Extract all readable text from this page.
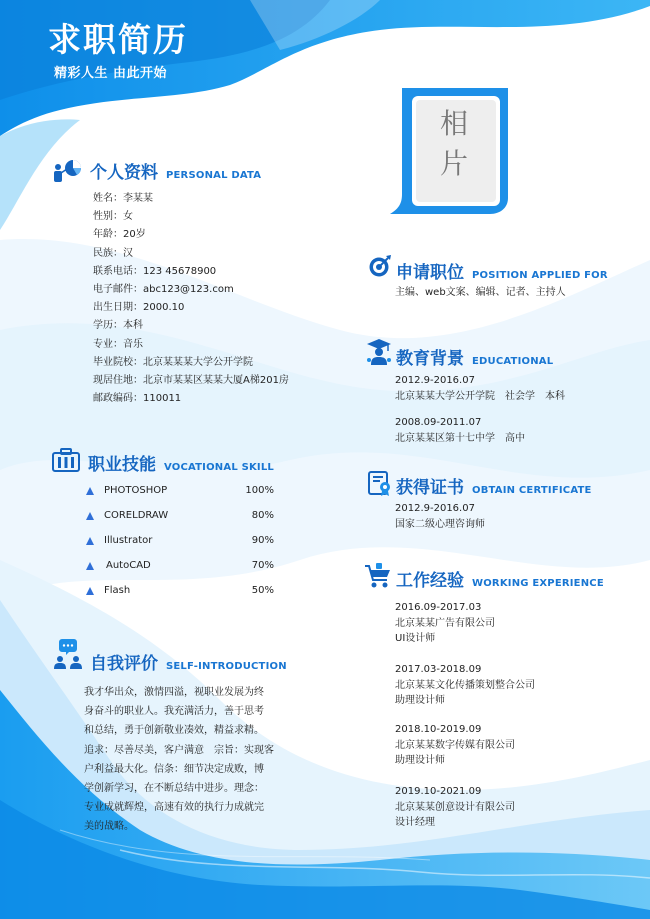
求职简历
精彩人生 由此开始
相
片
个人资料 PERSONAL DATA
姓名：李某某
性别：女
年龄：20岁
民族：汉
联系电话：123 45678900
电子邮件：abc123@123.com
出生日期：2000.10
学历：本科
专业：音乐
毕业院校：北京某某某大学公开学院
现居住地：北京市某某区某某大厦A梯201房
邮政编码：110011
职业技能 VOCATIONAL SKILL
PHOTOSHOP	100%
CORELDRAW	80%
Illustrator	90%
AutoCAD	70%
Flash	50%
自我评价 SELF-INTRODUCTION
我才华出众，激情四溢，视职业发展为终
身奋斗的职业人。我充满活力，善于思考
和总结，勇于创新敬业凑效，精益求精。
追求：尽善尽美，客户满意　宗旨：实现客
户利益最大化。信条：细节决定成败，博
学创新学习，在不断总结中进步。理念：
专业成就辉煌，高速有效的执行力成就完
美的战略。
申请职位 POSITION APPLIED FOR
主编、web文案、编辑、记者、主持人
教育背景 EDUCATIONAL
2012.9-2016.07
北京某某大学公开学院　社会学　本科
2008.09-2011.07
北京某某区第十七中学　高中
获得证书 OBTAIN CERTIFICATE
2012.9-2016.07
国家二级心理咨询师
工作经验 WORKING EXPERIENCE
2016.09-2017.03
北京某某广告有限公司
UI设计师
2017.03-2018.09
北京某某文化传播策划整合公司
助理设计师
2018.10-2019.09
北京某某数字传媒有限公司
助理设计师
2019.10-2021.09
北京某某创意设计有限公司
设计经理
